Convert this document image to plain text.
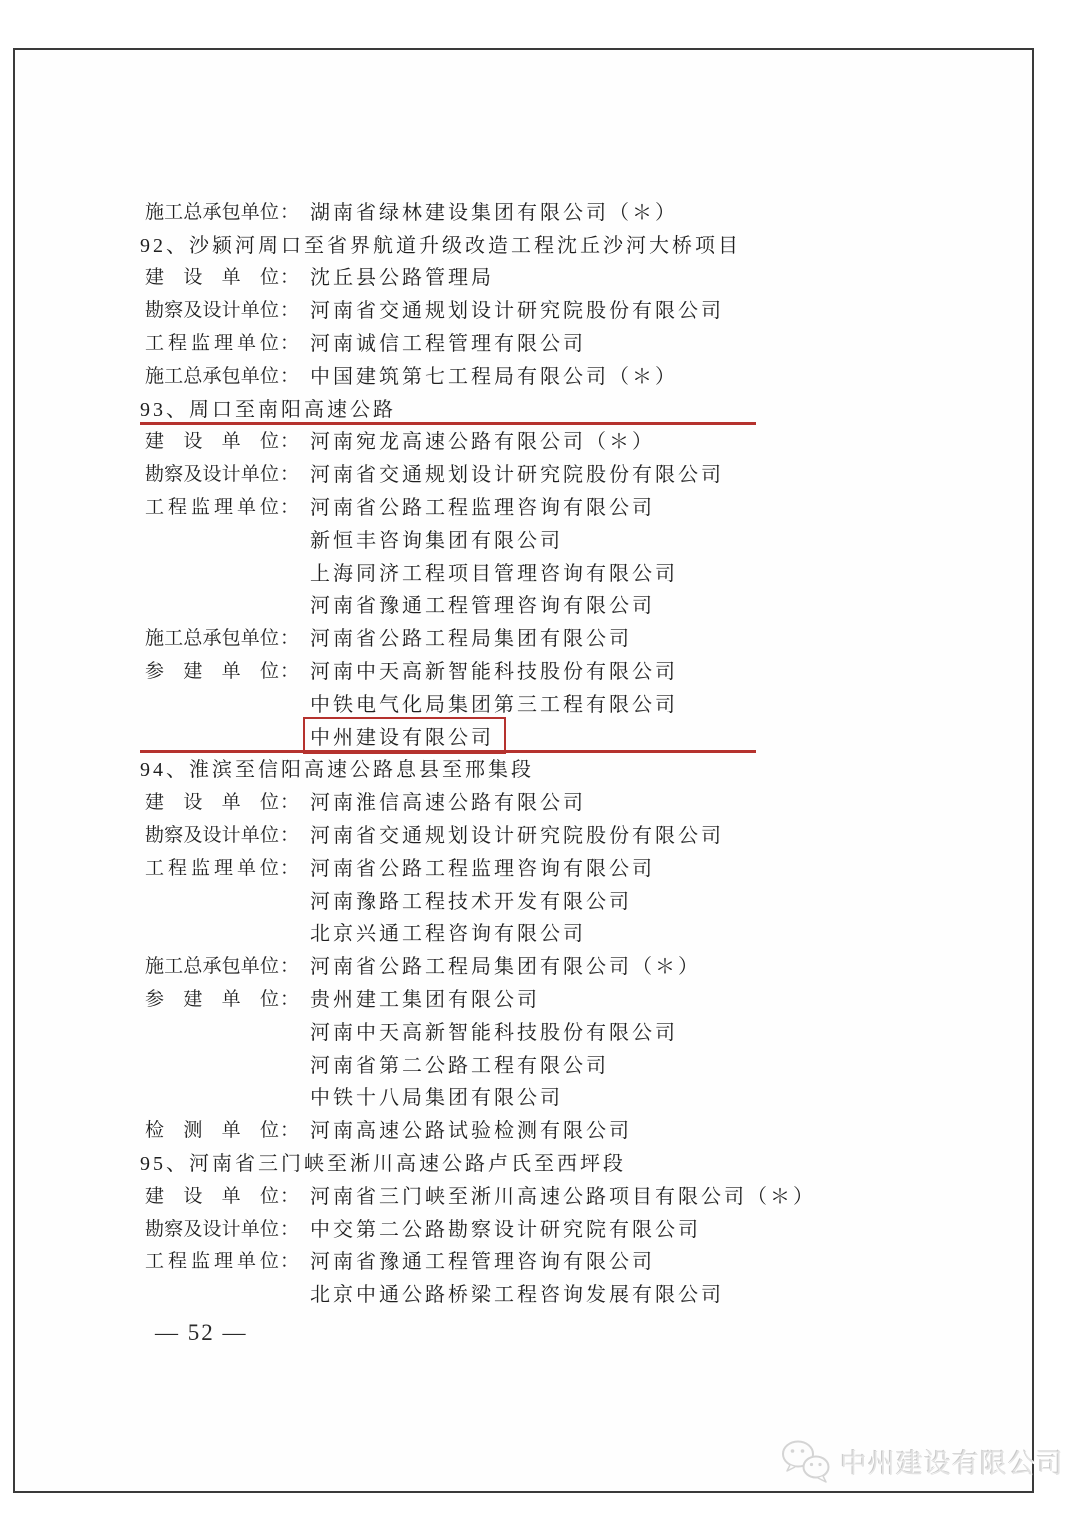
施 工 总 承 包 单 位 ： 湖南省绿林建设集团有限公司（＊）
92、沙颍河周口至省界航道升级改造工程沈丘沙河大桥项目
建 设 单 位 ： 沈丘县公路管理局
勘 察 及 设 计 单 位 ： 河南省交通规划设计研究院股份有限公司
工 程 监 理 单 位 ： 河南诚信工程管理有限公司
施 工 总 承 包 单 位 ： 中国建筑第七工程局有限公司（＊）
93、周口至南阳高速公路
建 设 单 位 ： 河南宛龙高速公路有限公司（＊）
勘 察 及 设 计 单 位 ： 河南省交通规划设计研究院股份有限公司
工 程 监 理 单 位 ： 河南省公路工程监理咨询有限公司
新恒丰咨询集团有限公司
上海同济工程项目管理咨询有限公司
河南省豫通工程管理咨询有限公司
施 工 总 承 包 单 位 ： 河南省公路工程局集团有限公司
参 建 单 位 ： 河南中天高新智能科技股份有限公司
中铁电气化局集团第三工程有限公司
中州建设有限公司
94、淮滨至信阳高速公路息县至邢集段
建 设 单 位 ： 河南淮信高速公路有限公司
勘 察 及 设 计 单 位 ： 河南省交通规划设计研究院股份有限公司
工 程 监 理 单 位 ： 河南省公路工程监理咨询有限公司
河南豫路工程技术开发有限公司
北京兴通工程咨询有限公司
施 工 总 承 包 单 位 ： 河南省公路工程局集团有限公司（＊）
参 建 单 位 ： 贵州建工集团有限公司
河南中天高新智能科技股份有限公司
河南省第二公路工程有限公司
中铁十八局集团有限公司
检 测 单 位 ： 河南高速公路试验检测有限公司
95、河南省三门峡至淅川高速公路卢氏至西坪段
建 设 单 位 ： 河南省三门峡至淅川高速公路项目有限公司（＊）
勘 察 及 设 计 单 位 ： 中交第二公路勘察设计研究院有限公司
工 程 监 理 单 位 ： 河南省豫通工程管理咨询有限公司
北京中通公路桥梁工程咨询发展有限公司
— 52 —
中州建设有限公司
